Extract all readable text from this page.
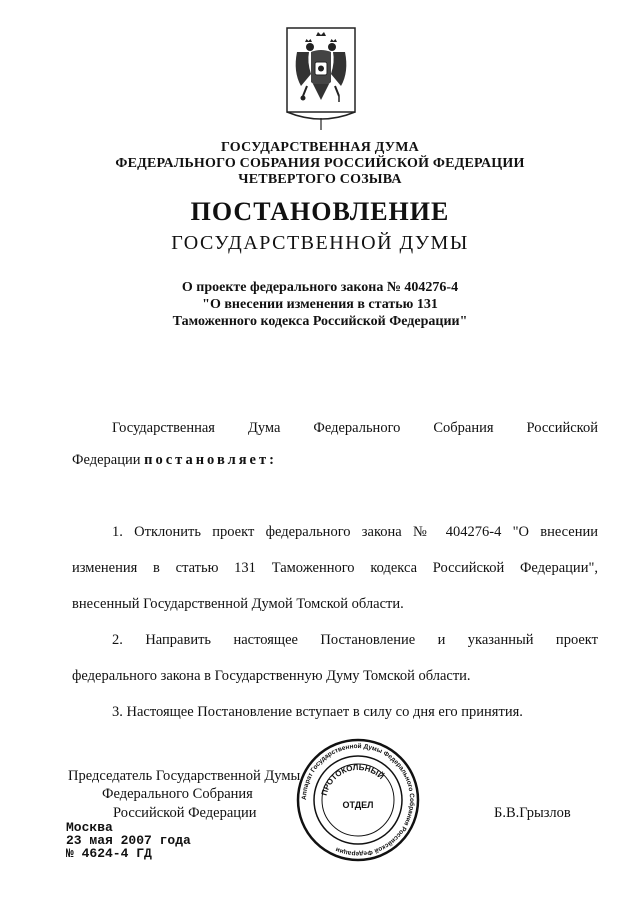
ГОСУДАРСТВЕННАЯ ДУМА
ФЕДЕРАЛЬНОГО СОБРАНИЯ РОССИЙСКОЙ ФЕДЕРАЦИИ
ЧЕТВЕРТОГО СОЗЫВА
ПОСТАНОВЛЕНИЕ
ГОСУДАРСТВЕННОЙ ДУМЫ
О проекте федерального закона № 404276-4
"О внесении изменения в статью 131
Таможенного кодекса Российской Федерации"
Государственная Дума Федерального Собрания Российской
Федерации постановляет:
1. Отклонить проект федерального закона № 404276-4 "О внесении
изменения в статью 131 Таможенного кодекса Российской Федерации",
внесенный Государственной Думой Томской области.
2. Направить настоящее Постановление и указанный проект
федерального закона в Государственную Думу Томской области.
3. Настоящее Постановление вступает в силу со дня его принятия.
Аппарат Государственной Думы Федерального Собрания Российской Федерации
ПРОТОКОЛЬНЫЙ
ОТДЕЛ
Председатель Государственной Думы
Федерального Собрания
Российской Федерации	Б.В.Грызлов
Москва
23 мая 2007 года
№ 4624-4 ГД
